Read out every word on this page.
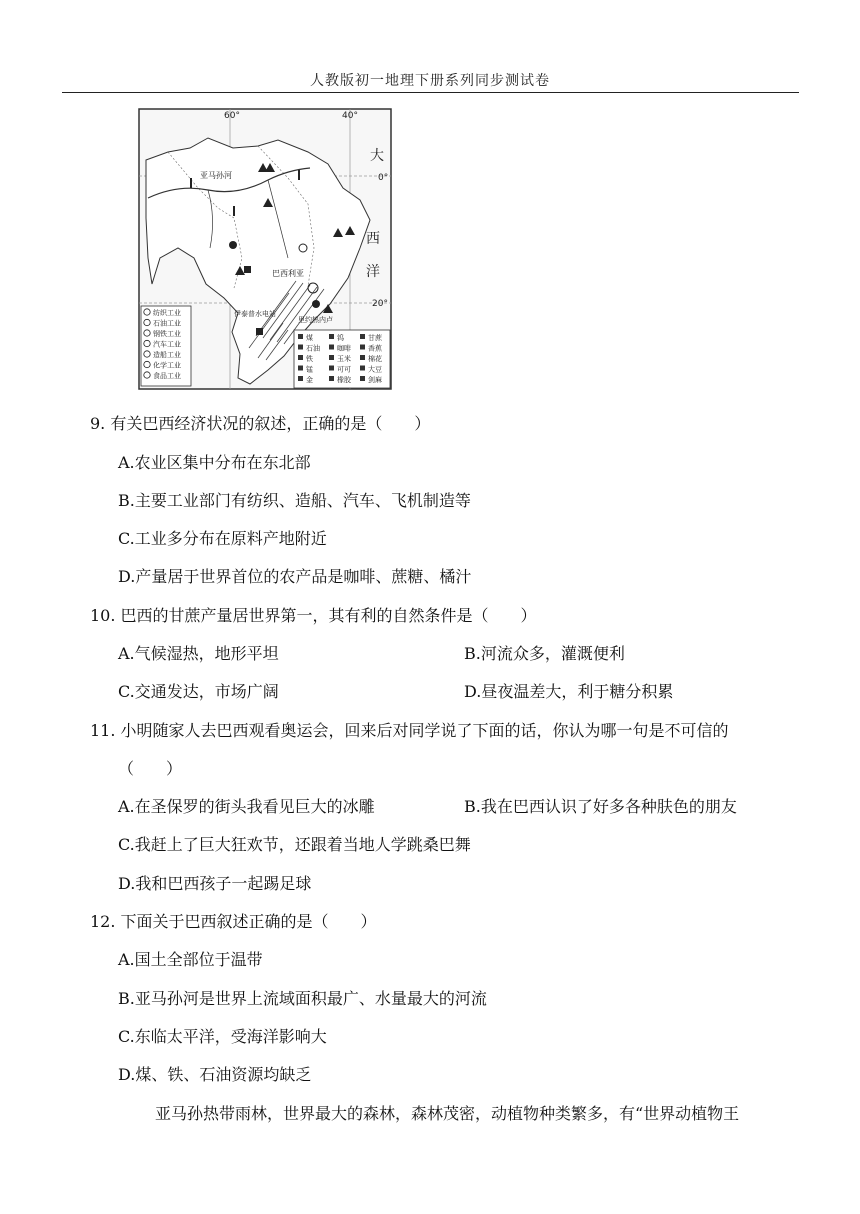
人教版初一地理下册系列同步测试卷
60°	40°
0°
20°
大
西
洋
亚马孙河
巴西利亚
里约热内卢
伊泰普水电站
纺织工业
石油工业
钢铁工业
汽车工业
造船工业
化学工业
食品工业
煤
石油
铁
锰
金
钨
咖啡
玉米
可可
橡胶
甘蔗
香蕉
棉花
大豆
剑麻
9. 有关巴西经济状况的叙述，正确的是（　　）
A.农业区集中分布在东北部
B.主要工业部门有纺织、造船、汽车、飞机制造等
C.工业多分布在原料产地附近
D.产量居于世界首位的农产品是咖啡、蔗糖、橘汁
10. 巴西的甘蔗产量居世界第一，其有利的自然条件是（　　）
A.气候湿热，地形平坦	B.河流众多，灌溉便利
C.交通发达，市场广阔	D.昼夜温差大，利于糖分积累
11. 小明随家人去巴西观看奥运会，回来后对同学说了下面的话，你认为哪一句是不可信的
（　　）
A.在圣保罗的街头我看见巨大的冰雕	B.我在巴西认识了好多各种肤色的朋友
C.我赶上了巨大狂欢节，还跟着当地人学跳桑巴舞
D.我和巴西孩子一起踢足球
12. 下面关于巴西叙述正确的是（　　）
A.国土全部位于温带
B.亚马孙河是世界上流域面积最广、水量最大的河流
C.东临太平洋，受海洋影响大
D.煤、铁、石油资源均缺乏
亚马孙热带雨林，世界最大的森林，森林茂密，动植物种类繁多，有“世界动植物王
